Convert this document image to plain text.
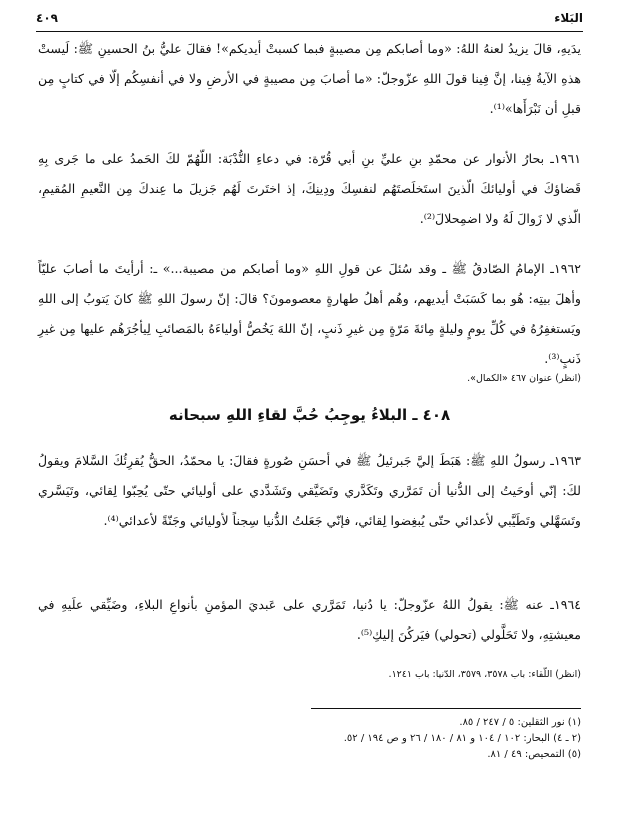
البَلاء
٤٠٩

يدَيهِ، قالَ يزيدُ لعنهُ اللهُ: «وما أصابكم مِن مصيبةٍ فبما كسبتْ أيديكم»! فقالَ عليُّ بنُ الحسينِ ﷺ: لَيستْ هذهِ الآيةُ فِينا، إنَّ فِينا قولَ اللهِ عزّوجلّ: «ما أصابَ مِن مصيبةٍ في الأرضِ ولا في أنفسِكُم إلّا في كتابٍ مِن قبلِ أن نَبْرَأَها»⁽¹⁾.

١٩٦١ـ بحارُ الأنوار عن محمّدِ بنِ عليِّ بنِ أبي قُرّة: في دعاءِ النُّدْبَة: اللّهُمّ لكَ الحَمدُ على ما جَرى بِهِ قَضاؤكَ في أوليائكَ الّذينَ استَخلَصتَهُم لنفسِكَ ودِينِكَ، إذ اختَرتَ لَهُم جَزيلَ ما عِندكَ مِن النَّعيمِ المُقيمِ، الّذي لا زَوالَ لَهُ ولا اضمِحلالَ⁽²⁾.

١٩٦٢ـ الإمامُ الصّادقُ ﷺ ـ وقد سُئلَ عن قولِ اللهِ «وما أصابكم من مصيبة...» ـ: أرأيتَ ما أصابَ عليّاً وأهلَ بيتِه: هُو بما كَسَبَتْ أيديهم، وهُم أهلُ طهارةٍ معصومونَ؟ قالَ: إنّ رسولَ اللهِ ﷺ كانَ يَتوبُ إلى اللهِ ويَستغفِرُهُ في كُلِّ يومٍ وليلةٍ مِائةَ مَرّةٍ مِن غيرِ ذَنبٍ، إنّ اللهَ يَخُصُّ أولياءَهُ بالمَصائبِ لِيأجُرَهُم عليها مِن غيرِ ذَنبٍ⁽³⁾.

(انظر) عنوان ٤٦٧ «الكمال».

٤٠٨ ـ البلاءُ يوجِبُ حُبَّ لقاءِ اللهِ سبحانه

١٩٦٣ـ رسولُ اللهِ ﷺ: هَبَطَ إليَّ جَبرئيلُ ﷺ في أحسَنِ صُورةٍ فقالَ: يا محمّدُ، الحقُّ يُقرِئُكَ السَّلامَ ويقولُ لكَ: إنّي أوحَيتُ إلى الدُّنيا أن تَمَرَّري وتَكَدَّري وتَضَيَّقي وتَشَدَّدي على أوليائي حتّى يُحِبّوا لِقائي، وتَيَسَّري وتَسَهَّلي وتَطَيَّبي لأعدائي حتّى يُبغِضوا لِقائي، فإنّي جَعَلتُ الدُّنيا سِجناً لأوليائي وجَنّةً لأعدائي⁽⁴⁾.

١٩٦٤ـ عنه ﷺ: يقولُ اللهُ عزّوجلّ: يا دُنيا، تَمَرَّري على عَبديَ المؤمنِ بأنواعِ البلاءِ، وضَيِّقي علَيهِ في معيشتِهِ، ولا تَحَلَّولي (تحولي) فيَركُنَ إليكِ⁽⁵⁾.

(انظر) اللّقاء: باب ٣٥٧٨، ٣٥٧٩، الدّنيا: باب ١٢٤١.

(١) نور الثقلين: ٥ / ٢٤٧ / ٨٥.
(٢ ـ ٤) البحار: ١٠٢ / ١٠٤ و ٨١ / ١٨٠ / ٢٦ و ص ١٩٤ / ٥٢.
(٥) التمحيص: ٤٩ / ٨١.
